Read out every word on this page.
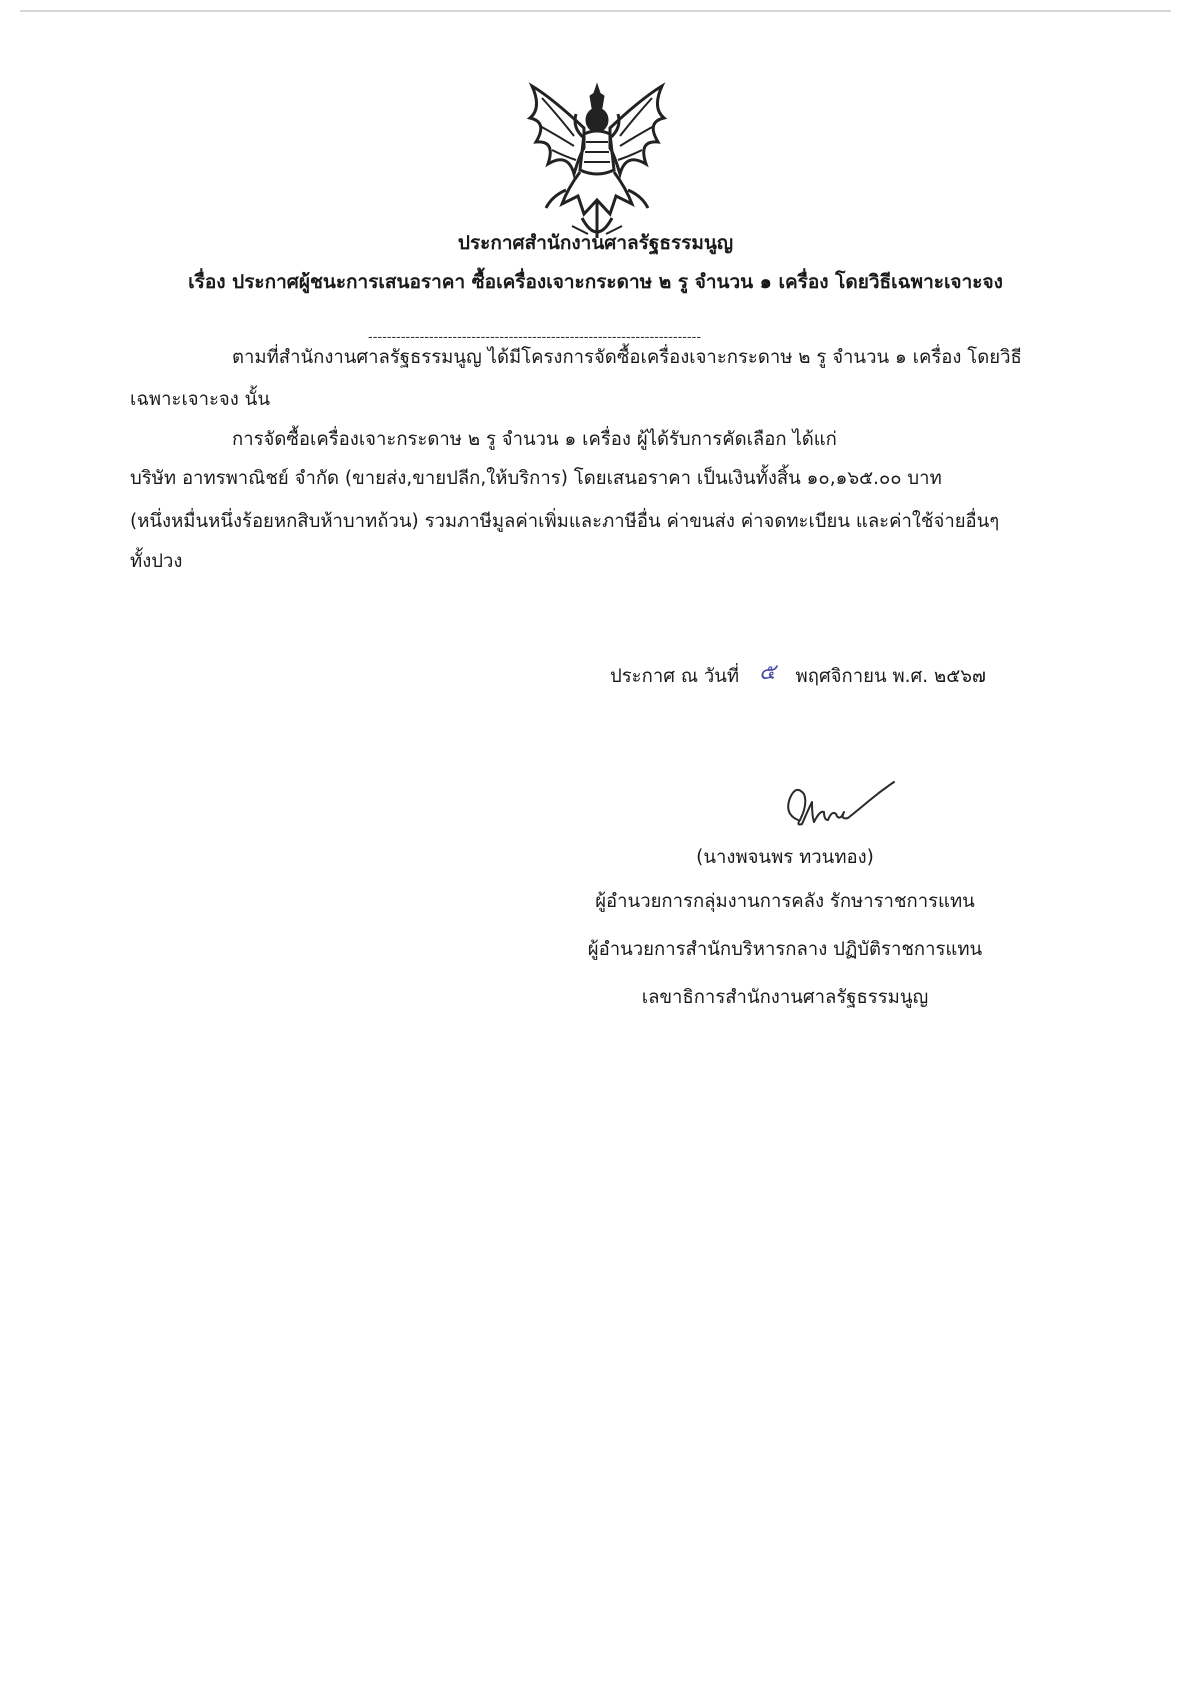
ประกาศสำนักงานศาลรัฐธรรมนูญ
เรื่อง ประกาศผู้ชนะการเสนอราคา ซื้อเครื่องเจาะกระดาษ ๒ รู จำนวน ๑ เครื่อง โดยวิธีเฉพาะเจาะจง
ตามที่สำนักงานศาลรัฐธรรมนูญ ได้มีโครงการจัดซื้อเครื่องเจาะกระดาษ ๒ รู จำนวน ๑ เครื่อง โดยวิธี
เฉพาะเจาะจง นั้น
การจัดซื้อเครื่องเจาะกระดาษ ๒ รู จำนวน ๑ เครื่อง ผู้ได้รับการคัดเลือก ได้แก่
บริษัท อาทรพาณิชย์ จำกัด (ขายส่ง,ขายปลีก,ให้บริการ) โดยเสนอราคา เป็นเงินทั้งสิ้น ๑๐,๑๖๕.๐๐ บาท
(หนึ่งหมื่นหนึ่งร้อยหกสิบห้าบาทถ้วน) รวมภาษีมูลค่าเพิ่มและภาษีอื่น ค่าขนส่ง ค่าจดทะเบียน และค่าใช้จ่ายอื่นๆ
ทั้งปวง
ประกาศ ณ วันที่ ๕ พฤศจิกายน พ.ศ. ๒๕๖๗
(นางพจนพร ทวนทอง)
ผู้อำนวยการกลุ่มงานการคลัง รักษาราชการแทน
ผู้อำนวยการสำนักบริหารกลาง ปฏิบัติราชการแทน
เลขาธิการสำนักงานศาลรัฐธรรมนูญ
-----------------------------------------------------------------------
